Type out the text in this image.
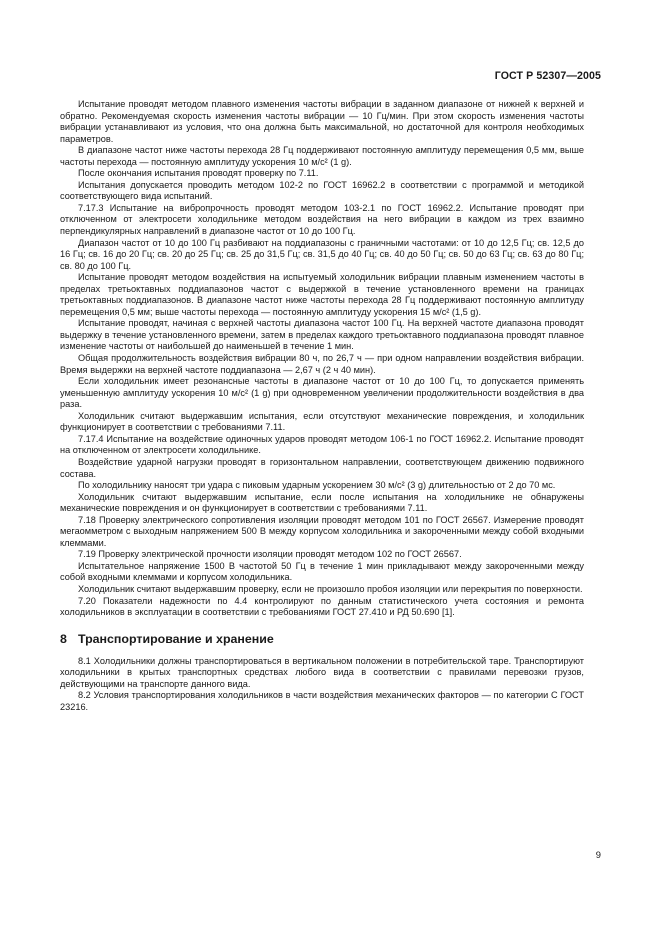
ГОСТ Р 52307—2005

Испытание проводят методом плавного изменения частоты вибрации в заданном диапазоне от нижней к верхней и обратно. Рекомендуемая скорость изменения частоты вибрации — 10 Гц/мин. При этом скорость изменения частоты вибрации устанавливают из условия, что она должна быть максимальной, но достаточной для контроля необходимых параметров.

В диапазоне частот ниже частоты перехода 28 Гц поддерживают постоянную амплитуду перемещения 0,5 мм, выше частоты перехода — постоянную амплитуду ускорения 10 м/с² (1 g).

После окончания испытания проводят проверку по 7.11.

Испытания допускается проводить методом 102-2 по ГОСТ 16962.2 в соответствии с программой и методикой соответствующего вида испытаний.

7.17.3 Испытание на вибропрочность проводят методом 103-2.1 по ГОСТ 16962.2. Испытание проводят при отключенном от электросети холодильнике методом воздействия на него вибрации в каждом из трех взаимно перпендикулярных направлений в диапазоне частот от 10 до 100 Гц.

Диапазон частот от 10 до 100 Гц разбивают на поддиапазоны с граничными частотами: от 10 до 12,5 Гц; св. 12,5 до 16 Гц; св. 16 до 20 Гц; св. 20 до 25 Гц; св. 25 до 31,5 Гц; св. 31,5 до 40 Гц; св. 40 до 50 Гц; св. 50 до 63 Гц; св. 63 до 80 Гц; св. 80 до 100 Гц.

Испытание проводят методом воздействия на испытуемый холодильник вибрации плавным изменением частоты в пределах третьоктавных поддиапазонов частот с выдержкой в течение установленного времени на границах третьоктавных поддиапазонов. В диапазоне частот ниже частоты перехода 28 Гц поддерживают постоянную амплитуду перемещения 0,5 мм; выше частоты перехода — постоянную амплитуду ускорения 15 м/с² (1,5 g).

Испытание проводят, начиная с верхней частоты диапазона частот 100 Гц. На верхней частоте диапазона проводят выдержку в течение установленного времени, затем в пределах каждого третьоктавного поддиапазона проводят плавное изменение частоты от наибольшей до наименьшей в течение 1 мин.

Общая продолжительность воздействия вибрации 80 ч, по 26,7 ч — при одном направлении воздействия вибрации. Время выдержки на верхней частоте поддиапазона — 2,67 ч (2 ч 40 мин).

Если холодильник имеет резонансные частоты в диапазоне частот от 10 до 100 Гц, то допускается применять уменьшенную амплитуду ускорения 10 м/с² (1 g) при одновременном увеличении продолжительности воздействия в два раза.

Холодильник считают выдержавшим испытания, если отсутствуют механические повреждения, и холодильник функционирует в соответствии с требованиями 7.11.

7.17.4 Испытание на воздействие одиночных ударов проводят методом 106-1 по ГОСТ 16962.2. Испытание проводят на отключенном от электросети холодильнике.

Воздействие ударной нагрузки проводят в горизонтальном направлении, соответствующем движению подвижного состава.

По холодильнику наносят три удара с пиковым ударным ускорением 30 м/с² (3 g) длительностью от 2 до 70 мс.

Холодильник считают выдержавшим испытание, если после испытания на холодильнике не обнаружены механические повреждения и он функционирует в соответствии с требованиями 7.11.

7.18 Проверку электрического сопротивления изоляции проводят методом 101 по ГОСТ 26567. Измерение проводят мегаомметром с выходным напряжением 500 В между корпусом холодильника и закороченными между собой входными клеммами.

7.19 Проверку электрической прочности изоляции проводят методом 102 по ГОСТ 26567.

Испытательное напряжение 1500 В частотой 50 Гц в течение 1 мин прикладывают между закороченными между собой входными клеммами и корпусом холодильника.

Холодильник считают выдержавшим проверку, если не произошло пробоя изоляции или перекрытия по поверхности.

7.20 Показатели надежности по 4.4 контролируют по данным статистического учета состояния и ремонта холодильников в эксплуатации в соответствии с требованиями ГОСТ 27.410 и РД 50.690 [1].

8 Транспортирование и хранение

8.1 Холодильники должны транспортироваться в вертикальном положении в потребительской таре. Транспортируют холодильники в крытых транспортных средствах любого вида в соответствии с правилами перевозки грузов, действующими на транспорте данного вида.

8.2 Условия транспортирования холодильников в части воздействия механических факторов — по категории С ГОСТ 23216.

9
